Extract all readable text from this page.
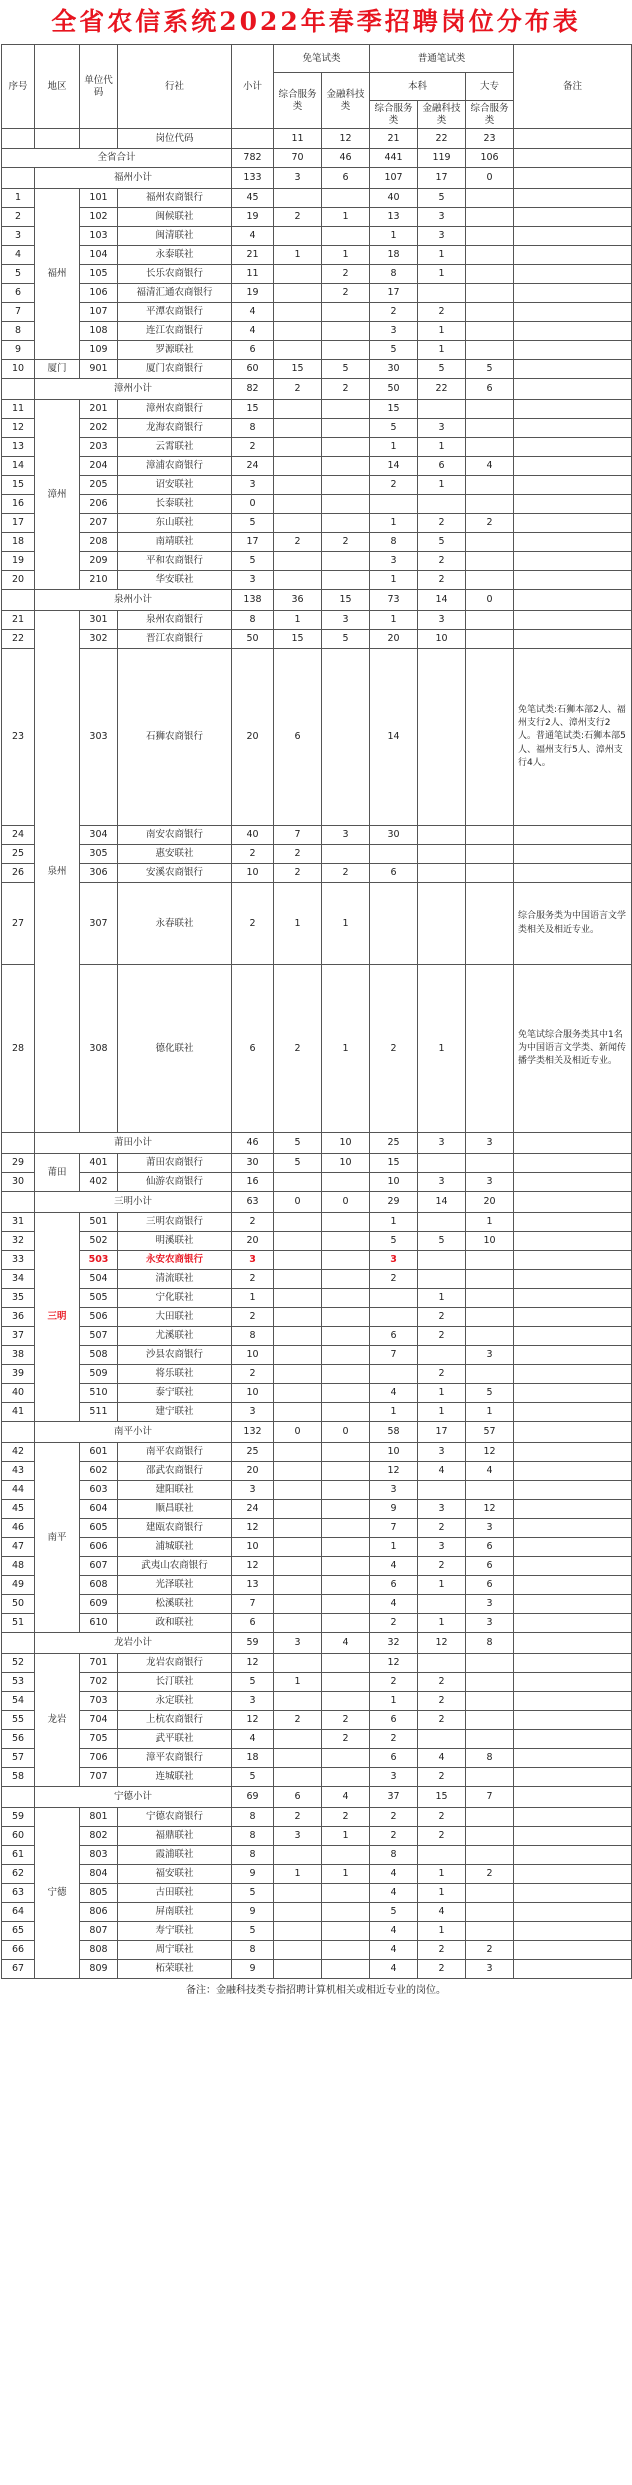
全省农信系统2022年春季招聘岗位分布表
序号	地区	单位代码	行社	小计	免笔试类		普通笔试类			备注
					综合服务类	金融科技类	本科		大专	
							综合服务类	金融科技类	综合服务类	
			岗位代码		11	12	21	22	23	
全省合计				782	70	46	441	119	106	
	福州小计			133	3	6	107	17	0	
1	福州	101	福州农商银行	45			40	5		
2		102	闽候联社	19	2	1	13	3		
3		103	闽清联社	4			1	3		
4		104	永泰联社	21	1	1	18	1		
5		105	长乐农商银行	11		2	8	1		
6		106	福清汇通农商银行	19		2	17			
7		107	平潭农商银行	4			2	2		
8		108	连江农商银行	4			3	1		
9		109	罗源联社	6			5	1		
10	厦门	901	厦门农商银行	60	15	5	30	5	5	
	漳州小计			82	2	2	50	22	6	
11	漳州	201	漳州农商银行	15			15			
12		202	龙海农商银行	8			5	3		
13		203	云霄联社	2			1	1		
14		204	漳浦农商银行	24			14	6	4	
15		205	诏安联社	3			2	1		
16		206	长泰联社	0						
17		207	东山联社	5			1	2	2	
18		208	南靖联社	17	2	2	8	5		
19		209	平和农商银行	5			3	2		
20		210	华安联社	3			1	2		
	泉州小计			138	36	15	73	14	0	
21	泉州	301	泉州农商银行	8	1	3	1	3		
22		302	晋江农商银行	50	15	5	20	10		
23		303	石狮农商银行	20	6		14			免笔试类:石狮本部2人、福州支行2人、漳州支行2人。普通笔试类:石狮本部5人、福州支行5人、漳州支行4人。
24		304	南安农商银行	40	7	3	30			
25		305	惠安联社	2	2					
26		306	安溪农商银行	10	2	2	6			
27		307	永春联社	2	1	1				综合服务类为中国语言文学类相关及相近专业。
28		308	德化联社	6	2	1	2	1		免笔试综合服务类其中1名为中国语言文学类、新闻传播学类相关及相近专业。
	莆田小计			46	5	10	25	3	3	
29	莆田	401	莆田农商银行	30	5	10	15			
30		402	仙游农商银行	16			10	3	3	
	三明小计			63	0	0	29	14	20	
31	三明	501	三明农商银行	2			1		1	
32		502	明溪联社	20			5	5	10	
33		503	永安农商银行	3			3			
34		504	清流联社	2			2			
35		505	宁化联社	1				1		
36		506	大田联社	2				2		
37		507	尤溪联社	8			6	2		
38		508	沙县农商银行	10			7		3	
39		509	将乐联社	2				2		
40		510	泰宁联社	10			4	1	5	
41		511	建宁联社	3			1	1	1	
	南平小计			132	0	0	58	17	57	
42	南平	601	南平农商银行	25			10	3	12	
43		602	邵武农商银行	20			12	4	4	
44		603	建阳联社	3			3			
45		604	顺昌联社	24			9	3	12	
46		605	建瓯农商银行	12			7	2	3	
47		606	浦城联社	10			1	3	6	
48		607	武夷山农商银行	12			4	2	6	
49		608	光泽联社	13			6	1	6	
50		609	松溪联社	7			4		3	
51		610	政和联社	6			2	1	3	
	龙岩小计			59	3	4	32	12	8	
52	龙岩	701	龙岩农商银行	12			12			
53		702	长汀联社	5	1		2	2		
54		703	永定联社	3			1	2		
55		704	上杭农商银行	12	2	2	6	2		
56		705	武平联社	4		2	2			
57		706	漳平农商银行	18			6	4	8	
58		707	连城联社	5			3	2		
	宁德小计			69	6	4	37	15	7	
59	宁德	801	宁德农商银行	8	2	2	2	2		
60		802	福鼎联社	8	3	1	2	2		
61		803	霞浦联社	8			8			
62		804	福安联社	9	1	1	4	1	2	
63		805	古田联社	5			4	1		
64		806	屏南联社	9			5	4		
65		807	寿宁联社	5			4	1		
66		808	周宁联社	8			4	2	2	
67		809	柘荣联社	9			4	2	3	
备注：金融科技类专指招聘计算机相关或相近专业的岗位。
